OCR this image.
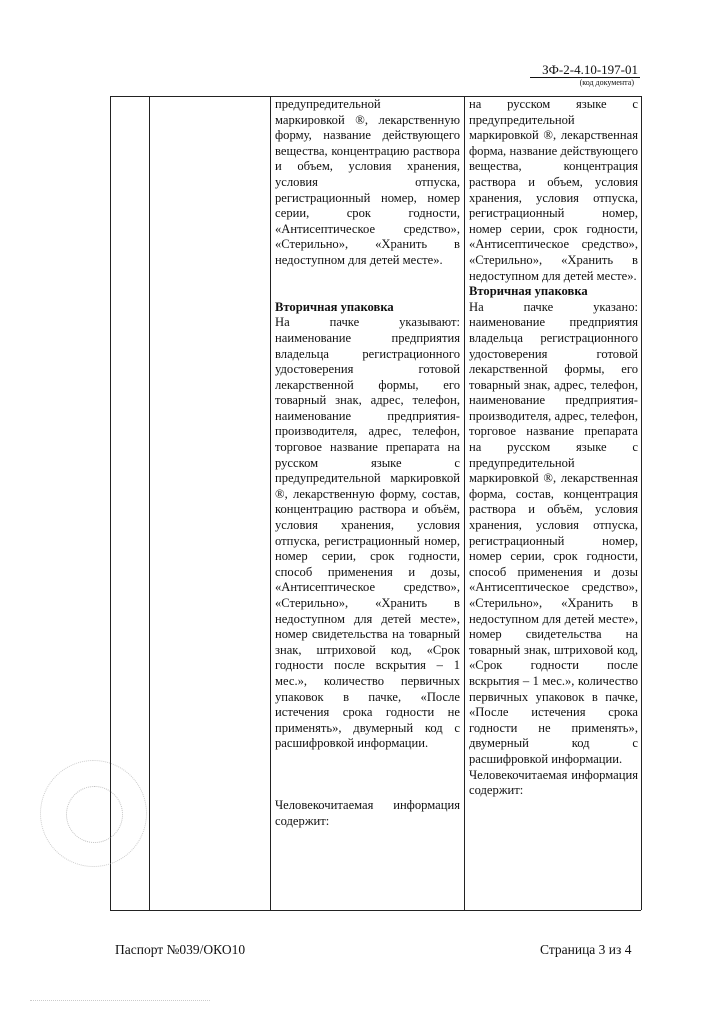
ЗФ-2-4.10-197-01
(код документа)

предупредительной

маркировкой ®, лекарственную форму, название действующего вещества, концентрацию раствора и объем, условия хранения, условия отпуска, регистрационный номер, номер серии, срок годности, «Антисептическое средство», «Стерильно», «Хранить в недоступном для детей месте».

Вторичная упаковка

На пачке указывают: наименование предприятия владельца регистрационного удостоверения готовой лекарственной формы, его товарный знак, адрес, телефон, наименование предприятия-производителя, адрес, телефон, торговое название препарата на русском языке с предупредительной маркировкой ®, лекарственную форму, состав, концентрацию раствора и объём, условия хранения, условия отпуска, регистрационный номер, номер серии, срок годности, способ применения и дозы, «Антисептическое средство», «Стерильно», «Хранить в недоступном для детей месте», номер свидетельства на товарный знак, штриховой код, «Срок годности после вскрытия – 1 мес.», количество первичных упаковок в пачке, «После истечения срока годности не применять», двумерный код с расшифровкой информации.

Человекочитаемая информация содержит:

на русском языке с предупредительной маркировкой ®, лекарственная форма, название действующего вещества, концентрация раствора и объем, условия хранения, условия отпуска, регистрационный номер, номер серии, срок годности, «Антисептическое средство», «Стерильно», «Хранить в недоступном для детей месте».

Вторичная упаковка

На пачке указано: наименование предприятия владельца регистрационного удостоверения готовой лекарственной формы, его товарный знак, адрес, телефон, наименование предприятия-производителя, адрес, телефон, торговое название препарата на русском языке с предупредительной маркировкой ®, лекарственная форма, состав, концентрация раствора и объём, условия хранения, условия отпуска, регистрационный номер, номер серии, срок годности, способ применения и дозы «Антисептическое средство», «Стерильно», «Хранить в недоступном для детей месте», номер свидетельства на товарный знак, штриховой код, «Срок годности после вскрытия – 1 мес.», количество первичных упаковок в пачке, «После истечения срока годности не применять», двумерный код с расшифровкой информации.

Человекочитаемая информация содержит:

Паспорт №039/ОКО10	Страница 3 из 4
